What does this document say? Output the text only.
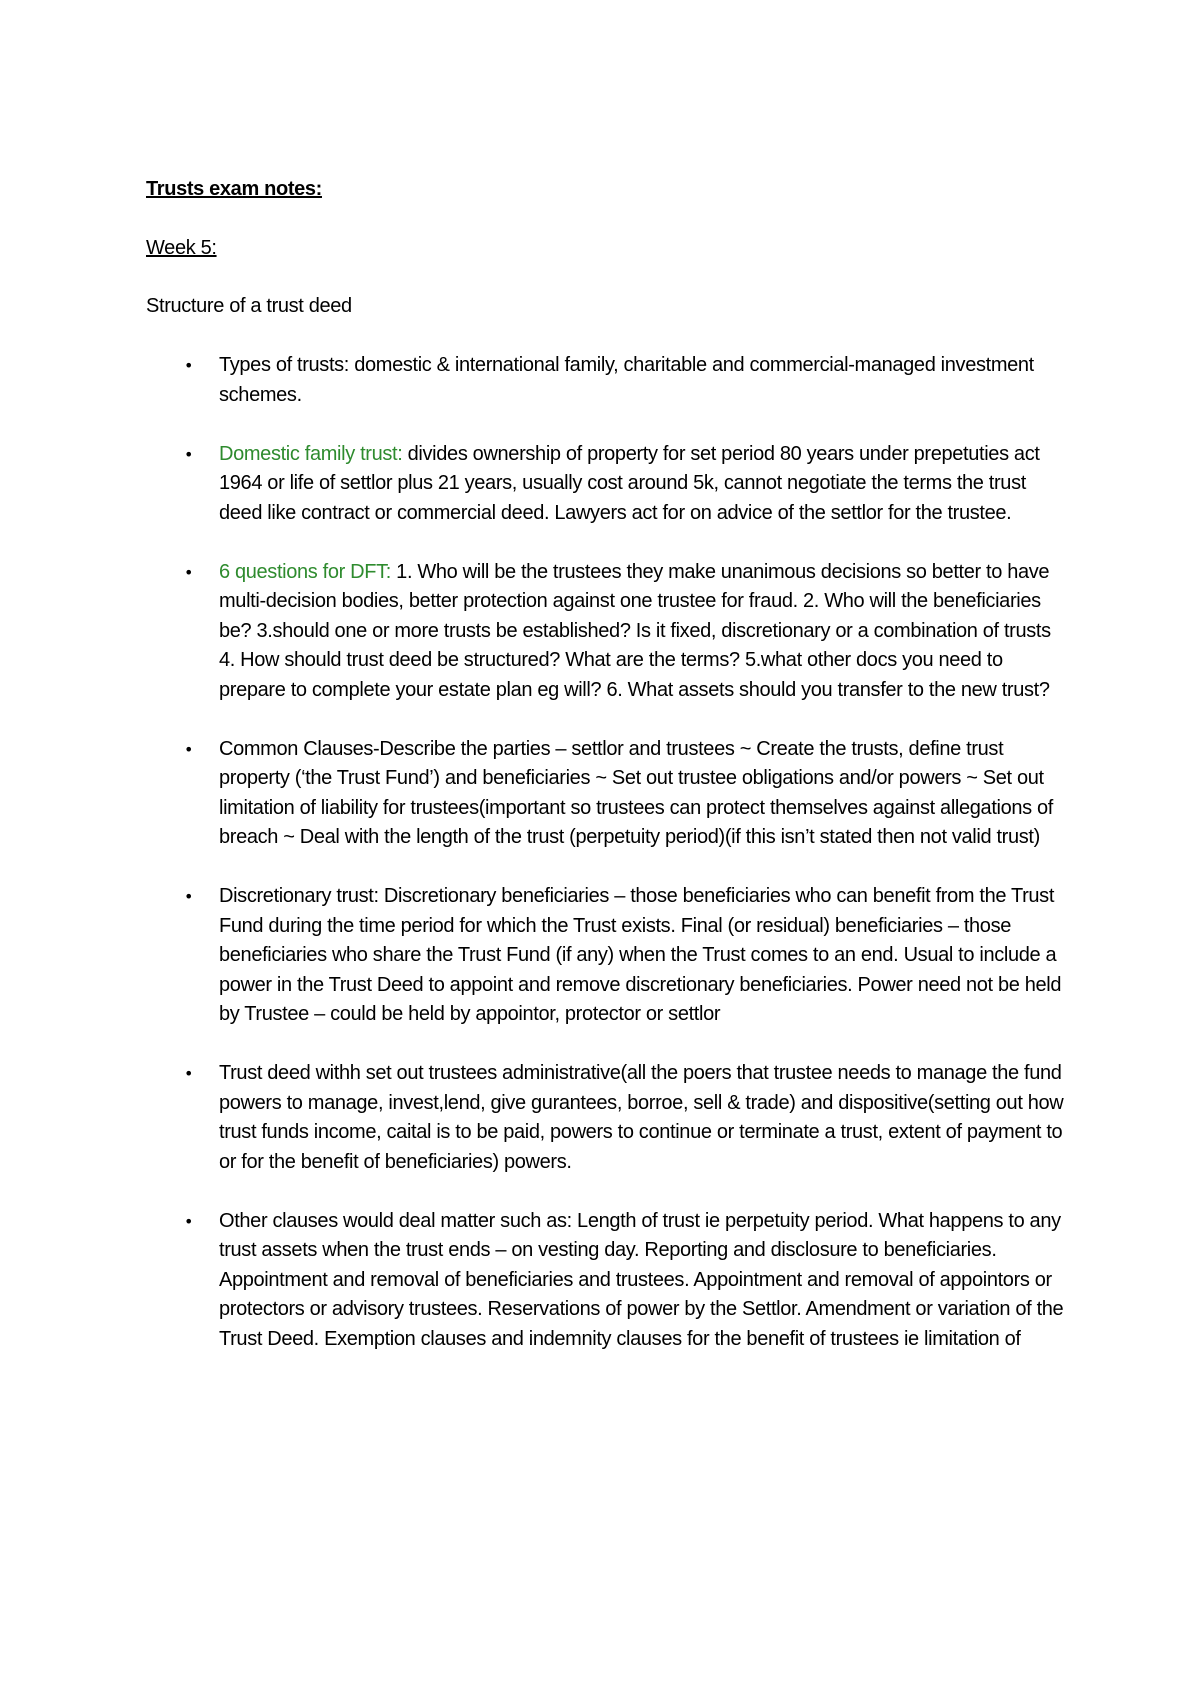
Trusts exam notes:

Week 5:

Structure of a trust deed

• Types of trusts: domestic & international family, charitable and commercial-managed investment schemes.
• Domestic family trust: divides ownership of property for set period 80 years under prepetuties act 1964 or life of settlor plus 21 years, usually cost around 5k, cannot negotiate the terms the trust deed like contract or commercial deed. Lawyers act for on advice of the settlor for the trustee.
• 6 questions for DFT: 1. Who will be the trustees they make unanimous decisions so better to have multi-decision bodies, better protection against one trustee for fraud. 2. Who will the beneficiaries be? 3.should one or more trusts be established? Is it fixed, discretionary or a combination of trusts 4. How should trust deed be structured? What are the terms? 5.what other docs you need to prepare to complete your estate plan eg will? 6. What assets should you transfer to the new trust?
• Common Clauses-Describe the parties – settlor and trustees ~ Create the trusts, define trust property (‘the Trust Fund’) and beneficiaries ~ Set out trustee obligations and/or powers ~ Set out limitation of liability for trustees(important so trustees can protect themselves against allegations of breach ~ Deal with the length of the trust (perpetuity period)(if this isn’t stated then not valid trust)
• Discretionary trust: Discretionary beneficiaries – those beneficiaries who can benefit from the Trust Fund during the time period for which the Trust exists. Final (or residual) beneficiaries – those beneficiaries who share the Trust Fund (if any) when the Trust comes to an end. Usual to include a power in the Trust Deed to appoint and remove discretionary beneficiaries. Power need not be held by Trustee – could be held by appointor, protector or settlor
• Trust deed withh set out trustees administrative(all the poers that trustee needs to manage the fund powers to manage, invest,lend, give gurantees, borroe, sell & trade) and dispositive(setting out how trust funds income, caital is to be paid, powers to continue or terminate a trust, extent of payment to or for the benefit of beneficiaries) powers.
• Other clauses would deal matter such as: Length of trust ie perpetuity period. What happens to any trust assets when the trust ends – on vesting day. Reporting and disclosure to beneficiaries. Appointment and removal of beneficiaries and trustees. Appointment and removal of appointors or protectors or advisory trustees. Reservations of power by the Settlor. Amendment or variation of the Trust Deed. Exemption clauses and indemnity clauses for the benefit of trustees ie limitation of
